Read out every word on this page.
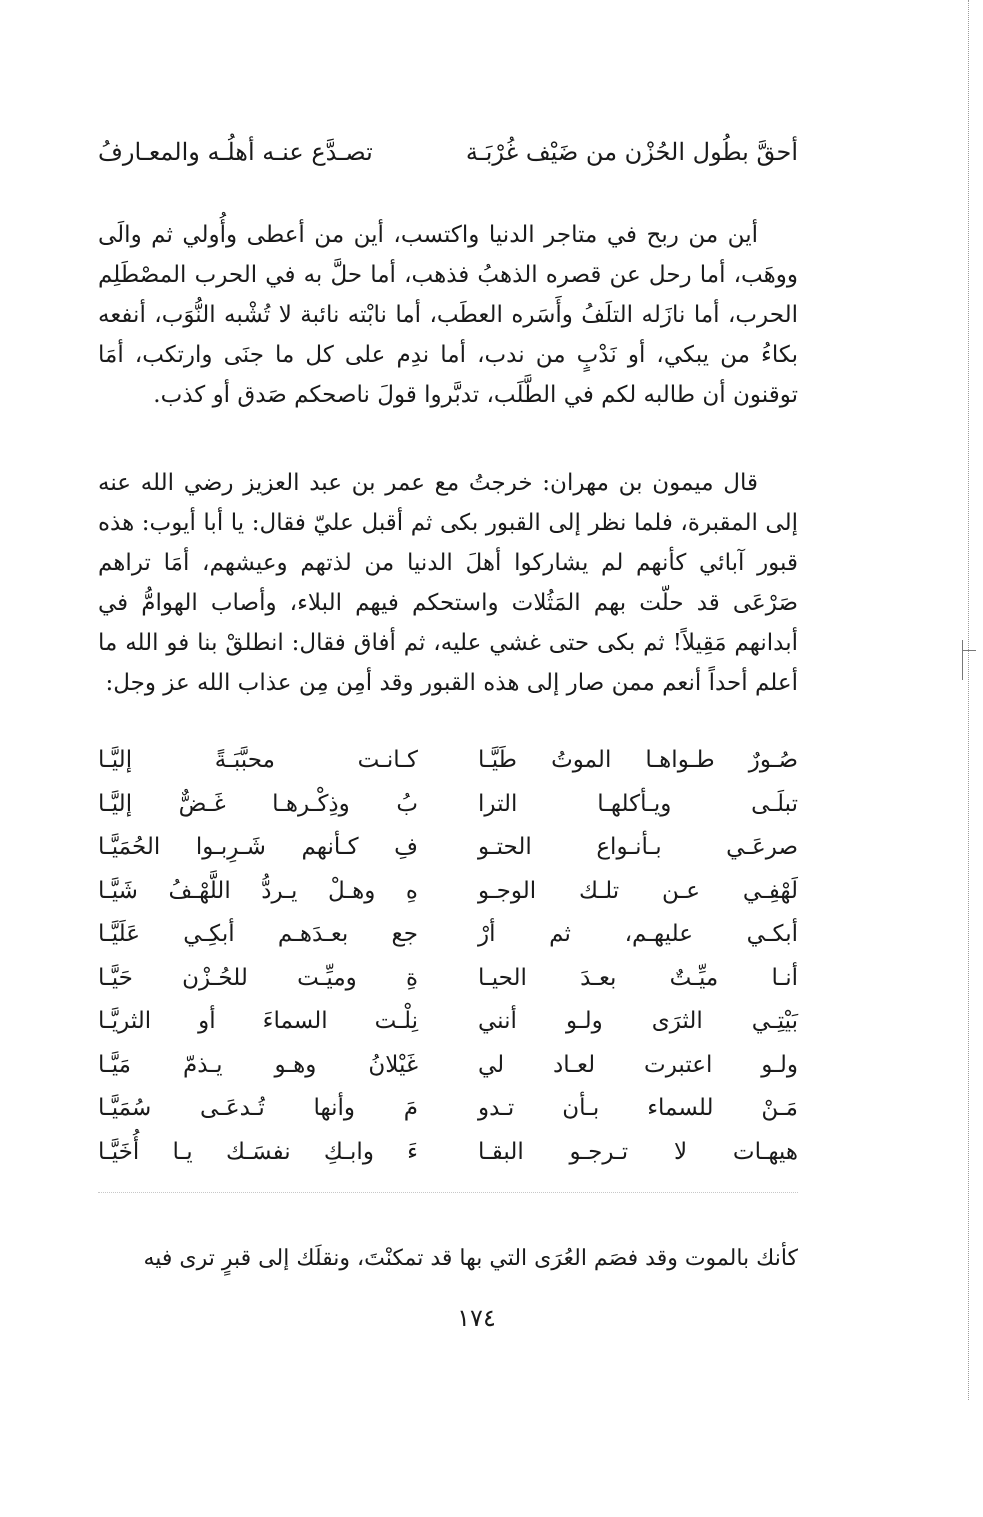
أحقَّ بطُول الحُزْن من ضَيْف غُرْبَـة
تصـدَّع عنـه أهلُـه والمعـارفُ

أين من ربح في متاجر الدنيا واكتسب، أين من أعطى وأُولي ثم والَى ووهَب، أما رحل عن قصره الذهبُ فذهب، أما حلَّ به في الحرب المصْطَلِم الحرب، أما نازَله التلَفُ وأَسَره العطَب، أما نابْته نائبة لا تُشْبه النُّوَب، أنفعه بكاءُ من يبكي، أو نَدْبٍ من ندب، أما ندِم على كل ما جنَى وارتكب، أمَا توقنون أن طالبه لكم في الطَّلَب، تدبَّروا قولَ ناصحكم صَدق أو كذب.

قال ميمون بن مهران: خرجتُ مع عمر بن عبد العزيز رضي الله عنه إلى المقبرة، فلما نظر إلى القبور بكى ثم أقبل عليّ فقال: يا أبا أيوب: هذه قبور آبائي كأنهم لم يشاركوا أهلَ الدنيا من لذتهم وعيشهم، أمَا تراهم صَرْعَى قد حلّت بهم المَثُلات واستحكم فيهم البلاء، وأصاب الهوامُّ في أبدانهم مَقِيلاً! ثم بكى حتى غشي عليه، ثم أفاق فقال: انطلقْ بنا فو الله ما أعلم أحداً أنعم ممن صار إلى هذه القبور وقد أمِن مِن عذاب الله عز وجل:

صُـورٌ طـواهـا الموتُ طَيَّـا
كـانـت محبَّبَـةً إليَّـا
تبلَـى ويـأكلهـا الترا
بُ وذِكْـرهـا غَـضٌّ إليَّـا
صرعَـي بـأنـواع الحتـو
فِ كـأنهم شَـرِبـوا الحُمَيَّـا
لَهْفِـي عـن تلـك الوجـو
هِ وهـلْ يـردُّ اللَّهْـفُ شَيَّـا
أبكـي عليهـم، ثم أرْ
جع بعـدَهـم أبكِـي عَلَيَّـا
أنـا ميِّـتٌ بعـدَ الحيـا
ةِ وميِّـت للحُـزْن حَيَّـا
بَيْتِـي الثرَى ولـو أنني
نِلْـت السماءَ أو الثريَّـا
ولـو اعتبرت لعـاد لي
غَيْلانُ وهـو يـذمّ مَيَّـا
مَـنْ للسماء بـأن تـدو
مَ وأنها تُـدعَـى سُمَيَّـا
هيهـات لا تـرجـو البقـا
ءَ وابـكِ نفسَـك يـا أُخَيَّـا
كأنك بالموت وقد فصَم العُرَى التي بها قد تمكنْتَ، ونقلَك إلى قبرٍ ترى فيه
١٧٤
